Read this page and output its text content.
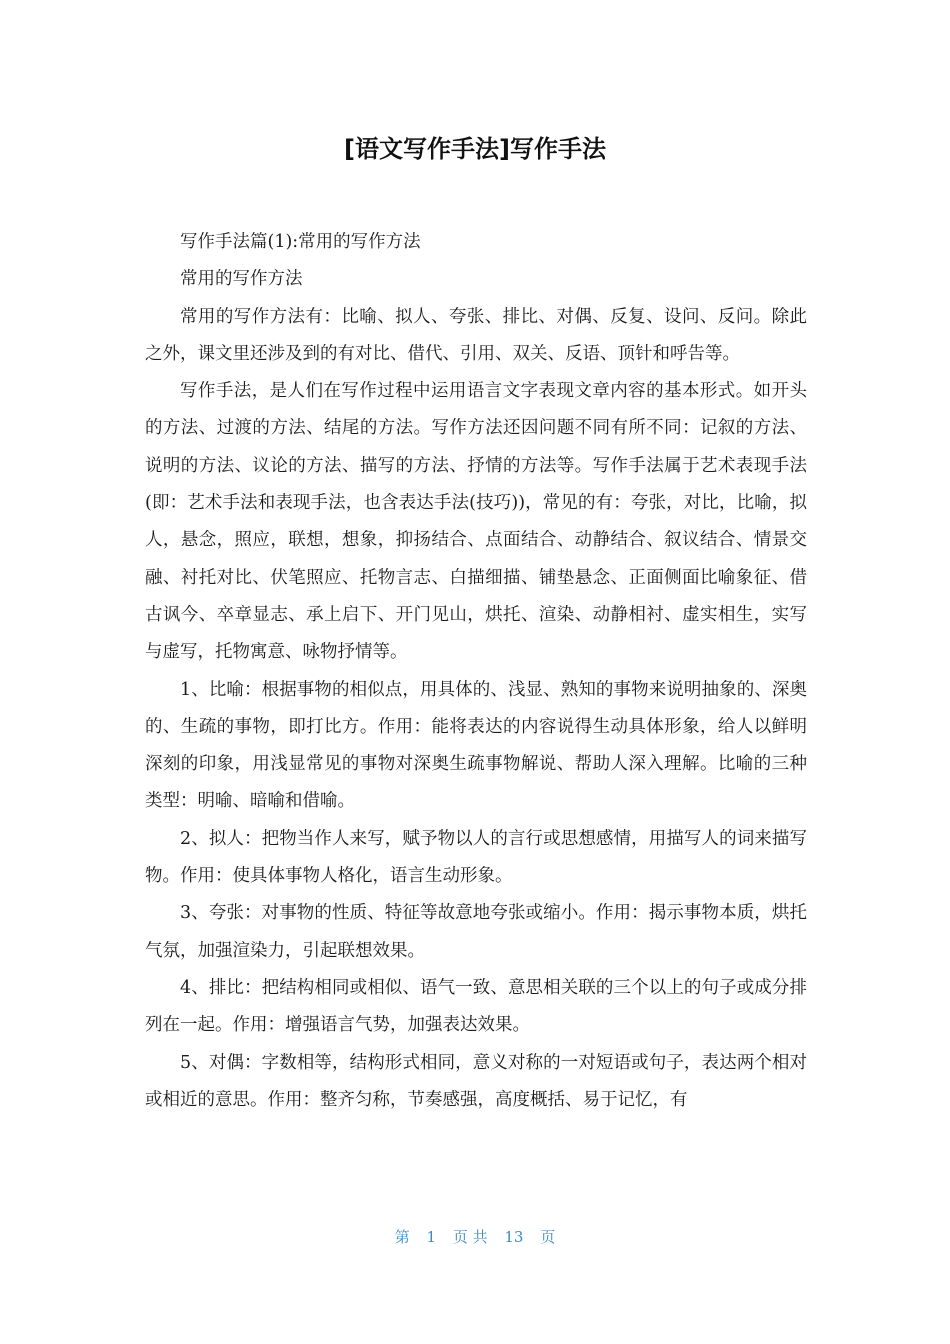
[语文写作手法]写作手法

写作手法篇(1):常用的写作方法

常用的写作方法

常用的写作方法有：比喻、拟人、夸张、排比、对偶、反复、设问、反问。除此之外，课文里还涉及到的有对比、借代、引用、双关、反语、顶针和呼告等。

写作手法，是人们在写作过程中运用语言文字表现文章内容的基本形式。如开头的方法、过渡的方法、结尾的方法。写作方法还因问题不同有所不同：记叙的方法、说明的方法、议论的方法、描写的方法、抒情的方法等。写作手法属于艺术表现手法(即：艺术手法和表现手法，也含表达手法(技巧))，常见的有：夸张，对比，比喻，拟人，悬念，照应，联想，想象，抑扬结合、点面结合、动静结合、叙议结合、情景交融、衬托对比、伏笔照应、托物言志、白描细描、铺垫悬念、正面侧面比喻象征、借古讽今、卒章显志、承上启下、开门见山，烘托、渲染、动静相衬、虚实相生，实写与虚写，托物寓意、咏物抒情等。

1、比喻：根据事物的相似点，用具体的、浅显、熟知的事物来说明抽象的、深奥的、生疏的事物，即打比方。作用：能将表达的内容说得生动具体形象，给人以鲜明深刻的印象，用浅显常见的事物对深奥生疏事物解说、帮助人深入理解。比喻的三种类型：明喻、暗喻和借喻。

2、拟人：把物当作人来写，赋予物以人的言行或思想感情，用描写人的词来描写物。作用：使具体事物人格化，语言生动形象。

3、夸张：对事物的性质、特征等故意地夸张或缩小。作用：揭示事物本质，烘托气氛，加强渲染力，引起联想效果。

4、排比：把结构相同或相似、语气一致、意思相关联的三个以上的句子或成分排列在一起。作用：增强语言气势，加强表达效果。

5、对偶：字数相等，结构形式相同，意义对称的一对短语或句子，表达两个相对或相近的意思。作用：整齐匀称，节奏感强，高度概括、易于记忆，有

第 1 页 共 13 页
